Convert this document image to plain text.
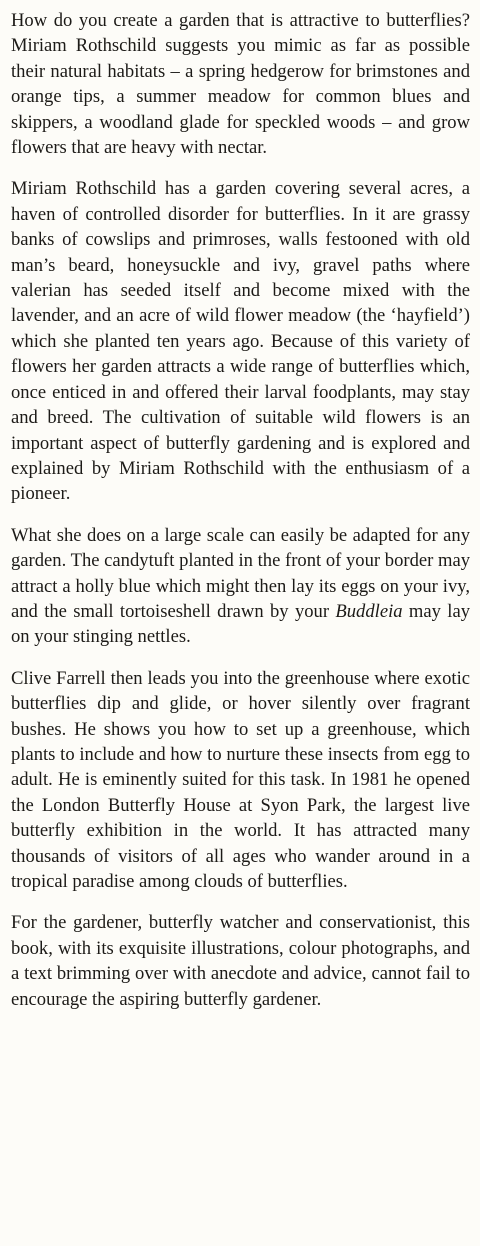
How do you create a garden that is attractive to butterflies? Miriam Rothschild suggests you mimic as far as possible their natural habitats – a spring hedgerow for brimstones and orange tips, a summer meadow for common blues and skippers, a woodland glade for speckled woods – and grow flowers that are heavy with nectar.

Miriam Rothschild has a garden covering several acres, a haven of controlled disorder for butterflies. In it are grassy banks of cowslips and primroses, walls festooned with old man’s beard, honeysuckle and ivy, gravel paths where valerian has seeded itself and become mixed with the lavender, and an acre of wild flower meadow (the ‘hayfield’) which she planted ten years ago. Because of this variety of flowers her garden attracts a wide range of butterflies which, once enticed in and offered their larval foodplants, may stay and breed. The cultivation of suitable wild flowers is an important aspect of butterfly gardening and is explored and explained by Miriam Rothschild with the enthusiasm of a pioneer.

What she does on a large scale can easily be adapted for any garden. The candytuft planted in the front of your border may attract a holly blue which might then lay its eggs on your ivy, and the small tortoiseshell drawn by your Buddleia may lay on your stinging nettles.

Clive Farrell then leads you into the greenhouse where exotic butterflies dip and glide, or hover silently over fragrant bushes. He shows you how to set up a greenhouse, which plants to include and how to nurture these insects from egg to adult. He is eminently suited for this task. In 1981 he opened the London Butterfly House at Syon Park, the largest live butterfly exhibition in the world. It has attracted many thousands of visitors of all ages who wander around in a tropical paradise among clouds of butterflies.

For the gardener, butterfly watcher and conservationist, this book, with its exquisite illustrations, colour photographs, and a text brimming over with anecdote and advice, cannot fail to encourage the aspiring butterfly gardener.
